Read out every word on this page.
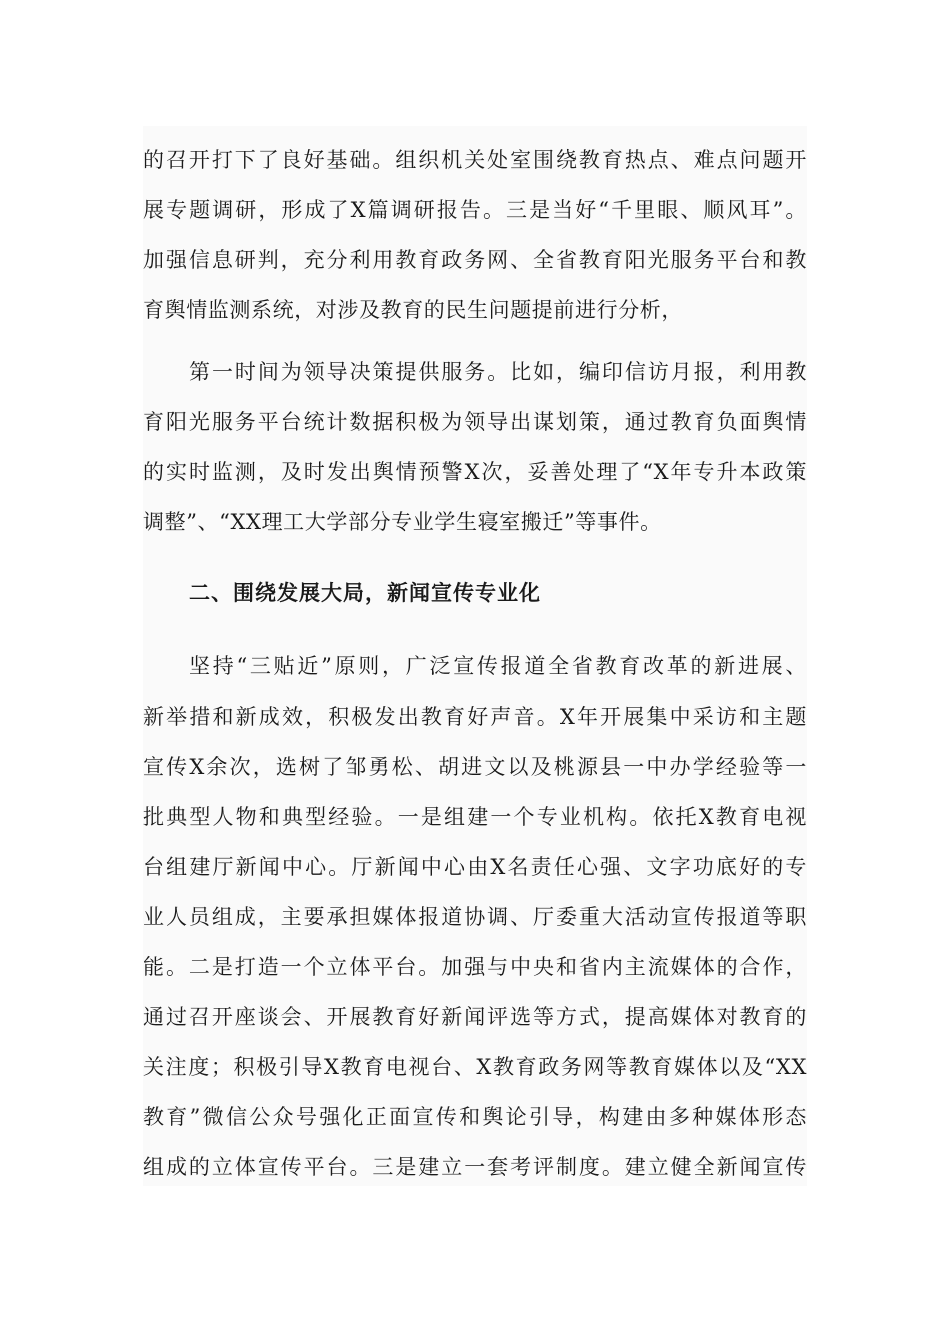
的召开打下了良好基础。组织机关处室围绕教育热点、难点问题开
展专题调研，形成了X篇调研报告。三是当好“千里眼、顺风耳”。
加强信息研判，充分利用教育政务网、全省教育阳光服务平台和教
育舆情监测系统，对涉及教育的民生问题提前进行分析，
第一时间为领导决策提供服务。比如，编印信访月报，利用教
育阳光服务平台统计数据积极为领导出谋划策，通过教育负面舆情
的实时监测，及时发出舆情预警X次，妥善处理了“X年专升本政策
调整”、“XX理工大学部分专业学生寝室搬迁”等事件。
二、围绕发展大局，新闻宣传专业化
坚持“三贴近”原则，广泛宣传报道全省教育改革的新进展、
新举措和新成效，积极发出教育好声音。X年开展集中采访和主题
宣传X余次，选树了邹勇松、胡进文以及桃源县一中办学经验等一
批典型人物和典型经验。一是组建一个专业机构。依托X教育电视
台组建厅新闻中心。厅新闻中心由X名责任心强、文字功底好的专
业人员组成，主要承担媒体报道协调、厅委重大活动宣传报道等职
能。二是打造一个立体平台。加强与中央和省内主流媒体的合作，
通过召开座谈会、开展教育好新闻评选等方式，提高媒体对教育的
关注度；积极引导X教育电视台、X教育政务网等教育媒体以及“XX
教育”微信公众号强化正面宣传和舆论引导，构建由多种媒体形态
组成的立体宣传平台。三是建立一套考评制度。建立健全新闻宣传
